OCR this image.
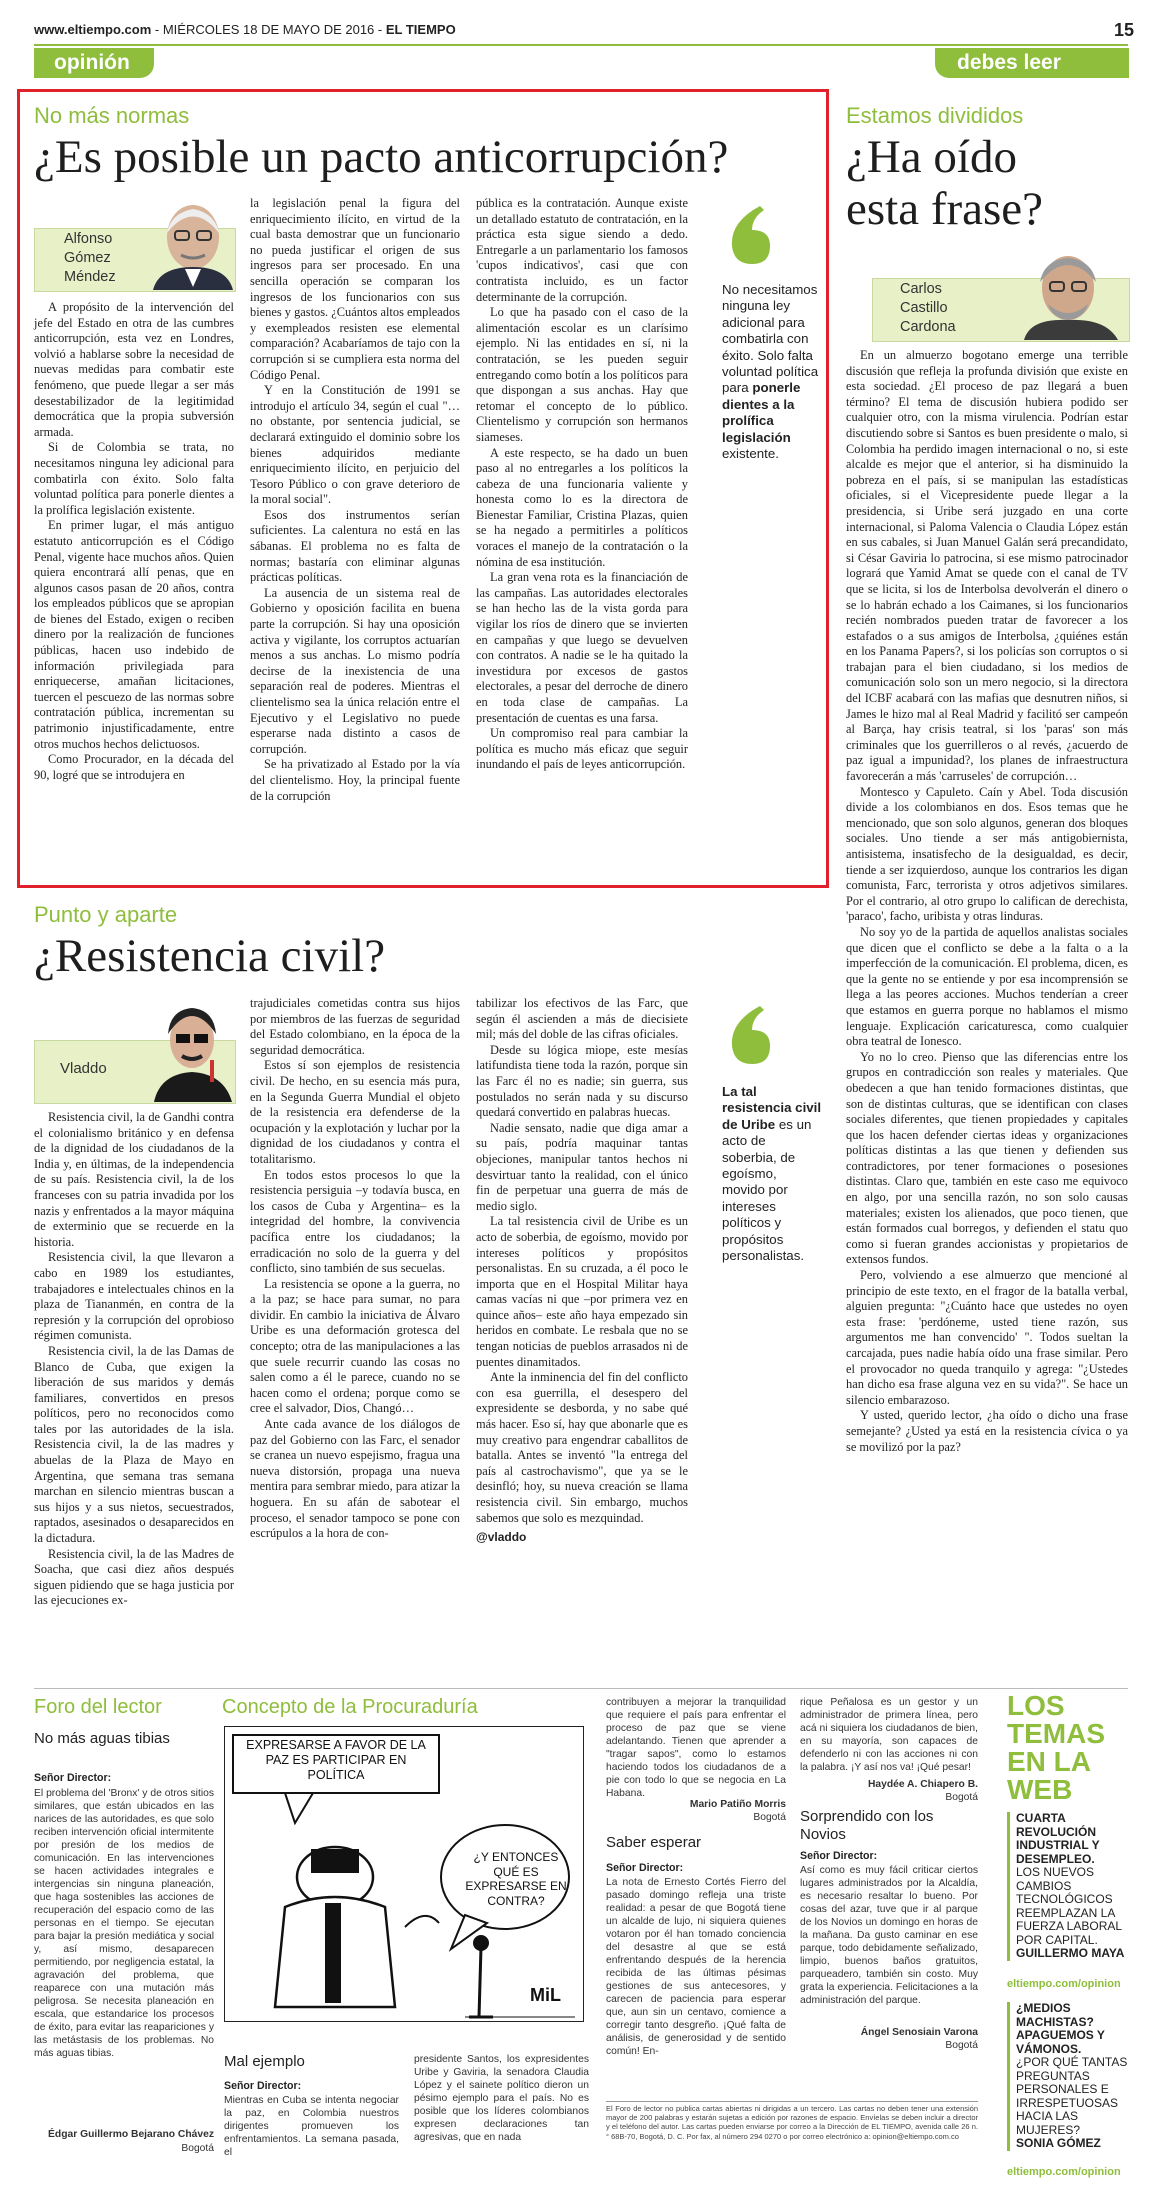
www.eltiempo.com - MIÉRCOLES 18 DE MAYO DE 2016 - EL TIEMPO	15
opinión	debes leer
No más normas
¿Es posible un pacto anticorrupción?
Alfonso Gómez Méndez

A propósito de la intervención del jefe del Estado en otra de las cumbres anticorrupción, esta vez en Londres, volvió a hablarse sobre la necesidad de nuevas medidas para combatir este fenómeno, que puede llegar a ser más desestabilizador de la legitimidad democrática que la propia subversión armada.

Si de Colombia se trata, no necesitamos ninguna ley adicional para combatirla con éxito. Solo falta voluntad política para ponerle dientes a la prolífica legislación existente.

En primer lugar, el más antiguo estatuto anticorrupción es el Código Penal, vigente hace muchos años. Quien quiera encontrará allí penas, que en algunos casos pasan de 20 años, contra los empleados públicos que se apropian de bienes del Estado, exigen o reciben dinero por la realización de funciones públicas, hacen uso indebido de información privilegiada para enriquecerse, amañan licitaciones, tuercen el pescuezo de las normas sobre contratación pública, incrementan su patrimonio injustificadamente, entre otros muchos hechos delictuosos.

Como Procurador, en la década del 90, logré que se introdujera en

la legislación penal la figura del enriquecimiento ilícito, en virtud de la cual basta demostrar que un funcionario no pueda justificar el origen de sus ingresos para ser procesado. En una sencilla operación se comparan los ingresos de los funcionarios con sus bienes y gastos. ¿Cuántos altos empleados y exempleados resisten ese elemental comparación? Acabaríamos de tajo con la corrupción si se cumpliera esta norma del Código Penal.

Y en la Constitución de 1991 se introdujo el artículo 34, según el cual "… no obstante, por sentencia judicial, se declarará extinguido el dominio sobre los bienes adquiridos mediante enriquecimiento ilícito, en perjuicio del Tesoro Público o con grave deterioro de la moral social".

Esos dos instrumentos serían suficientes. La calentura no está en las sábanas. El problema no es falta de normas; bastaría con eliminar algunas prácticas políticas.

La ausencia de un sistema real de Gobierno y oposición facilita en buena parte la corrupción. Si hay una oposición activa y vigilante, los corruptos actuarían menos a sus anchas. Lo mismo podría decirse de la inexistencia de una separación real de poderes. Mientras el clientelismo sea la única relación entre el Ejecutivo y el Legislativo no puede esperarse nada distinto a casos de corrupción.

Se ha privatizado al Estado por la vía del clientelismo. Hoy, la principal fuente de la corrupción

pública es la contratación. Aunque existe un detallado estatuto de contratación, en la práctica esta sigue siendo a dedo. Entregarle a un parlamentario los famosos 'cupos indicativos', casi que con contratista incluido, es un factor determinante de la corrupción.

Lo que ha pasado con el caso de la alimentación escolar es un clarísimo ejemplo. Ni las entidades en sí, ni la contratación, se les pueden seguir entregando como botín a los políticos para que dispongan a sus anchas. Hay que retomar el concepto de lo público. Clientelismo y corrupción son hermanos siameses.

A este respecto, se ha dado un buen paso al no entregarles a los políticos la cabeza de una funcionaria valiente y honesta como lo es la directora de Bienestar Familiar, Cristina Plazas, quien se ha negado a permitirles a políticos voraces el manejo de la contratación o la nómina de esa institución.

La gran vena rota es la financiación de las campañas. Las autoridades electorales se han hecho las de la vista gorda para vigilar los ríos de dinero que se invierten en campañas y que luego se devuelven con contratos. A nadie se le ha quitado la investidura por excesos de gastos electorales, a pesar del derroche de dinero en toda clase de campañas. La presentación de cuentas es una farsa.

Un compromiso real para cambiar la política es mucho más eficaz que seguir inundando el país de leyes anticorrupción.

No necesitamos ninguna ley adicional para combatirla con éxito. Solo falta voluntad política para ponerle dientes a la prolífica legislación existente.
Estamos divididos
¿Ha oído
esta frase?
Carlos Castillo Cardona

En un almuerzo bogotano emerge una terrible discusión que refleja la profunda división que existe en esta sociedad. ¿El proceso de paz llegará a buen término? El tema de discusión hubiera podido ser cualquier otro, con la misma virulencia. Podrían estar discutiendo sobre si Santos es buen presidente o malo, si Colombia ha perdido imagen internacional o no, si este alcalde es mejor que el anterior, si ha disminuido la pobreza en el país, si se manipulan las estadísticas oficiales, si el Vicepresidente puede llegar a la presidencia, si Uribe será juzgado en una corte internacional, si Paloma Valencia o Claudia López están en sus cabales, si Juan Manuel Galán será precandidato, si César Gaviria lo patrocina, si ese mismo patrocinador logrará que Yamid Amat se quede con el canal de TV que se licita, si los de Interbolsa devolverán el dinero o se lo habrán echado a los Caimanes, si los funcionarios recién nombrados pueden tratar de favorecer a los estafados o a sus amigos de Interbolsa, ¿quiénes están en los Panama Papers?, si los policías son corruptos o si trabajan para el bien ciudadano, si los medios de comunicación solo son un mero negocio, si la directora del ICBF acabará con las mafias que desnutren niños, si James le hizo mal al Real Madrid y facilitó ser campeón al Barça, hay crisis teatral, si los 'paras' son más criminales que los guerrilleros o al revés, ¿acuerdo de paz igual a impunidad?, los planes de infraestructura favorecerán a más 'carruseles' de corrupción…

Montesco y Capuleto. Caín y Abel. Toda discusión divide a los colombianos en dos. Esos temas que he mencionado, que son solo algunos, generan dos bloques sociales. Uno tiende a ser más antigobiernista, antisistema, insatisfecho de la desigualdad, es decir, tiende a ser izquierdoso, aunque los contrarios les digan comunista, Farc, terrorista y otros adjetivos similares. Por el contrario, al otro grupo lo califican de derechista, 'paraco', facho, uribista y otras linduras.

No soy yo de la partida de aquellos analistas sociales que dicen que el conflicto se debe a la falta o a la imperfección de la comunicación. El problema, dicen, es que la gente no se entiende y por esa incomprensión se llega a las peores acciones. Muchos tenderían a creer que estamos en guerra porque no hablamos el mismo lenguaje. Explicación caricaturesca, como cualquier obra teatral de Ionesco.

Yo no lo creo. Pienso que las diferencias entre los grupos en contradicción son reales y materiales. Que obedecen a que han tenido formaciones distintas, que son de distintas culturas, que se identifican con clases sociales diferentes, que tienen propiedades y capitales que los hacen defender ciertas ideas y organizaciones políticas distintas a las que tienen y defienden sus contradictores, por tener formaciones o posesiones distintas. Claro que, también en este caso me equivoco en algo, por una sencilla razón, no son solo causas materiales; existen los alienados, que poco tienen, que están formados cual borregos, y defienden el statu quo como si fueran grandes accionistas y propietarios de extensos fundos.

Pero, volviendo a ese almuerzo que mencioné al principio de este texto, en el fragor de la batalla verbal, alguien pregunta: "¿Cuánto hace que ustedes no oyen esta frase: 'perdóneme, usted tiene razón, sus argumentos me han convencido' ". Todos sueltan la carcajada, pues nadie había oído una frase similar. Pero el provocador no queda tranquilo y agrega: "¿Ustedes han dicho esa frase alguna vez en su vida?". Se hace un silencio embarazoso.

Y usted, querido lector, ¿ha oído o dicho una frase semejante? ¿Usted ya está en la resistencia cívica o ya se movilizó por la paz?

Punto y aparte
¿Resistencia civil?
Vladdo

Resistencia civil, la de Gandhi contra el colonialismo británico y en defensa de la dignidad de los ciudadanos de la India y, en últimas, de la independencia de su país. Resistencia civil, la de los franceses con su patria invadida por los nazis y enfrentados a la mayor máquina de exterminio que se recuerde en la historia.

Resistencia civil, la que llevaron a cabo en 1989 los estudiantes, trabajadores e intelectuales chinos en la plaza de Tiananmén, en contra de la represión y la corrupción del oprobioso régimen comunista.

Resistencia civil, la de las Damas de Blanco de Cuba, que exigen la liberación de sus maridos y demás familiares, convertidos en presos políticos, pero no reconocidos como tales por las autoridades de la isla. Resistencia civil, la de las madres y abuelas de la Plaza de Mayo en Argentina, que semana tras semana marchan en silencio mientras buscan a sus hijos y a sus nietos, secuestrados, raptados, asesinados o desaparecidos en la dictadura.

Resistencia civil, la de las Madres de Soacha, que casi diez años después siguen pidiendo que se haga justicia por las ejecuciones ex-

trajudiciales cometidas contra sus hijos por miembros de las fuerzas de seguridad del Estado colombiano, en la época de la seguridad democrática.

Estos sí son ejemplos de resistencia civil. De hecho, en su esencia más pura, en la Segunda Guerra Mundial el objeto de la resistencia era defenderse de la ocupación y la explotación y luchar por la dignidad de los ciudadanos y contra el totalitarismo.

En todos estos procesos lo que la resistencia persiguia –y todavía busca, en los casos de Cuba y Argentina– es la integridad del hombre, la convivencia pacífica entre los ciudadanos; la erradicación no solo de la guerra y del conflicto, sino también de sus secuelas.

La resistencia se opone a la guerra, no a la paz; se hace para sumar, no para dividir. En cambio la iniciativa de Álvaro Uribe es una deformación grotesca del concepto; otra de las manipulaciones a las que suele recurrir cuando las cosas no salen como a él le parece, cuando no se hacen como el ordena; porque como se cree el salvador, Dios, Changó…

Ante cada avance de los diálogos de paz del Gobierno con las Farc, el senador se cranea un nuevo espejismo, fragua una nueva distorsión, propaga una nueva mentira para sembrar miedo, para atizar la hoguera. En su afán de sabotear el proceso, el senador tampoco se pone con escrúpulos a la hora de con-

tabilizar los efectivos de las Farc, que según él ascienden a más de diecisiete mil; más del doble de las cifras oficiales.

Desde su lógica miope, este mesías latifundista tiene toda la razón, porque sin las Farc él no es nadie; sin guerra, sus postulados no serán nada y su discurso quedará convertido en palabras huecas.

Nadie sensato, nadie que diga amar a su país, podría maquinar tantas objeciones, manipular tantos hechos ni desvirtuar tanto la realidad, con el único fin de perpetuar una guerra de más de medio siglo.

La tal resistencia civil de Uribe es un acto de soberbia, de egoísmo, movido por intereses políticos y propósitos personalistas. En su cruzada, a él poco le importa que en el Hospital Militar haya camas vacías ni que –por primera vez en quince años– este año haya empezado sin heridos en combate. Le resbala que no se tengan noticias de pueblos arrasados ni de puentes dinamitados.

Ante la inminencia del fin del conflicto con esa guerrilla, el desespero del expresidente se desborda, y no sabe qué más hacer. Eso sí, hay que abonarle que es muy creativo para engendrar caballitos de batalla. Antes se inventó "la entrega del país al castrochavismo", que ya se le desinfló; hoy, su nueva creación se llama resistencia civil. Sin embargo, muchos sabemos que solo es mezquindad.

@vladdo
La tal resistencia civil de Uribe es un acto de soberbia, de egoísmo, movido por intereses políticos y propósitos personalistas.
Foro del lector
No más aguas tibias
Señor Director:
El problema del 'Bronx' y de otros sitios similares, que están ubicados en las narices de las autoridades, es que solo reciben intervención oficial intermitente por presión de los medios de comunicación. En las intervenciones se hacen actividades integrales e intergencias sin ninguna planeación, que haga sostenibles las acciones de recuperación del espacio como de las personas en el tiempo. Se ejecutan para bajar la presión mediática y social y, así mismo, desaparecen permitiendo, por negligencia estatal, la agravación del problema, que reaparece con una mutación más peligrosa. Se necesita planeación en escala, que estandarice los procesos de éxito, para evitar las reapariciones y las metástasis de los problemas. No más aguas tibias.
Édgar Guillermo Bejarano Chávez
Bogotá
Concepto de la Procuraduría
EXPRESARSE A FAVOR DE LA PAZ ES PARTICIPAR EN POLÍTICA
¿Y ENTONCES QUÉ ES EXPRESARSE EN CONTRA?
MiL
Mal ejemplo
Señor Director:
Mientras en Cuba se intenta negociar la paz, en Colombia nuestros dirigentes promueven los enfrentamientos. La semana pasada, el
presidente Santos, los expresidentes Uribe y Gaviria, la senadora Claudia López y el sainete político dieron un pésimo ejemplo para el país. No es posible que los líderes colombianos expresen declaraciones tan agresivas, que en nada
contribuyen a mejorar la tranquilidad que requiere el país para enfrentar el proceso de paz que se viene adelantando. Tienen que aprender a "tragar sapos", como lo estamos haciendo todos los ciudadanos de a pie con todo lo que se negocia en La Habana.
Mario Patiño Morris
Bogotá
Saber esperar
Señor Director:
La nota de Ernesto Cortés Fierro del pasado domingo refleja una triste realidad: a pesar de que Bogotá tiene un alcalde de lujo, ni siquiera quienes votaron por él han tomado conciencia del desastre al que se está enfrentando después de la herencia recibida de las últimas pésimas gestiones de sus antecesores, y carecen de paciencia para esperar que, aun sin un centavo, comience a corregir tanto desgreño. ¡Qué falta de análisis, de generosidad y de sentido común! En-
El Foro de lector no publica cartas abiertas ni dirigidas a un tercero. Las cartas no deben tener una extensión mayor de 200 palabras y estarán sujetas a edición por razones de espacio. Envíelas se deben incluir a director y el teléfono del autor. Las cartas pueden enviarse por correo a la Dirección de EL TIEMPO, avenida calle 26 n.° 68B-70, Bogotá, D. C. Por fax, al número 294 0270 o por correo electrónico a: opinion@eltiempo.com.co
rique Peñalosa es un gestor y un administrador de primera línea, pero acá ni siquiera los ciudadanos de bien, en su mayoría, son capaces de defenderlo ni con las acciones ni con la palabra. ¡Y así nos va! ¡Qué pesar!
Haydée A. Chiapero B.
Bogotá
Sorprendido con los Novios
Señor Director:
Así como es muy fácil criticar ciertos lugares administrados por la Alcaldía, es necesario resaltar lo bueno. Por cosas del azar, tuve que ir al parque de los Novios un domingo en horas de la mañana. Da gusto caminar en ese parque, todo debidamente señalizado, limpio, buenos baños gratuitos, parqueadero, también sin costo. Muy grata la experiencia. Felicitaciones a la administración del parque.
Ángel Senosiain Varona
Bogotá
LOS TEMAS EN LA WEB
CUARTA REVOLUCIÓN INDUSTRIAL Y DESEMPLEO.
LOS NUEVOS CAMBIOS TECNOLÓGICOS REEMPLAZAN LA FUERZA LABORAL POR CAPITAL.
GUILLERMO MAYA
eltiempo.com/opinion
¿MEDIOS MACHISTAS? APAGUEMOS Y VÁMONOS.
¿POR QUÉ TANTAS PREGUNTAS PERSONALES E IRRESPETUOSAS HACIA LAS MUJERES?
SONIA GÓMEZ
eltiempo.com/opinion
